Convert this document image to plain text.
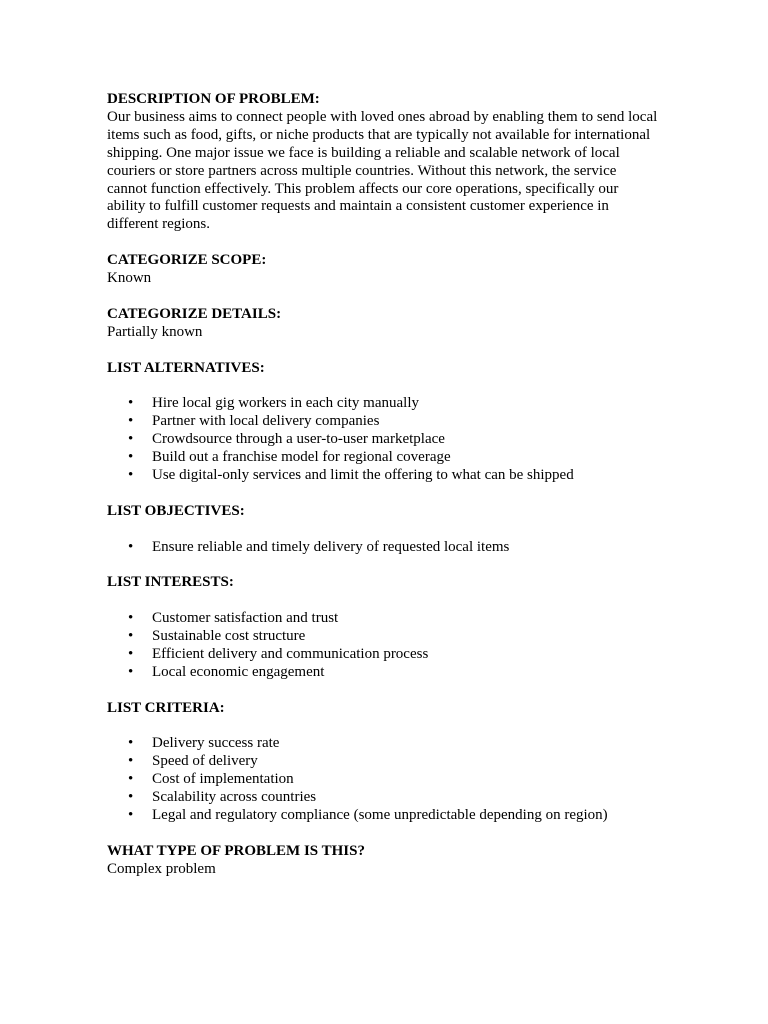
DESCRIPTION OF PROBLEM:

Our business aims to connect people with loved ones abroad by enabling them to send local
items such as food, gifts, or niche products that are typically not available for international
shipping. One major issue we face is building a reliable and scalable network of local
couriers or store partners across multiple countries. Without this network, the service
cannot function effectively. This problem affects our core operations, specifically our
ability to fulfill customer requests and maintain a consistent customer experience in
different regions.

CATEGORIZE SCOPE:

Known

CATEGORIZE DETAILS:

Partially known

LIST ALTERNATIVES:

• Hire local gig workers in each city manually
• Partner with local delivery companies
• Crowdsource through a user-to-user marketplace
• Build out a franchise model for regional coverage
• Use digital-only services and limit the offering to what can be shipped

LIST OBJECTIVES:

• Ensure reliable and timely delivery of requested local items

LIST INTERESTS:

• Customer satisfaction and trust
• Sustainable cost structure
• Efficient delivery and communication process
• Local economic engagement

LIST CRITERIA:

• Delivery success rate
• Speed of delivery
• Cost of implementation
• Scalability across countries
• Legal and regulatory compliance (some unpredictable depending on region)

WHAT TYPE OF PROBLEM IS THIS?

Complex problem
